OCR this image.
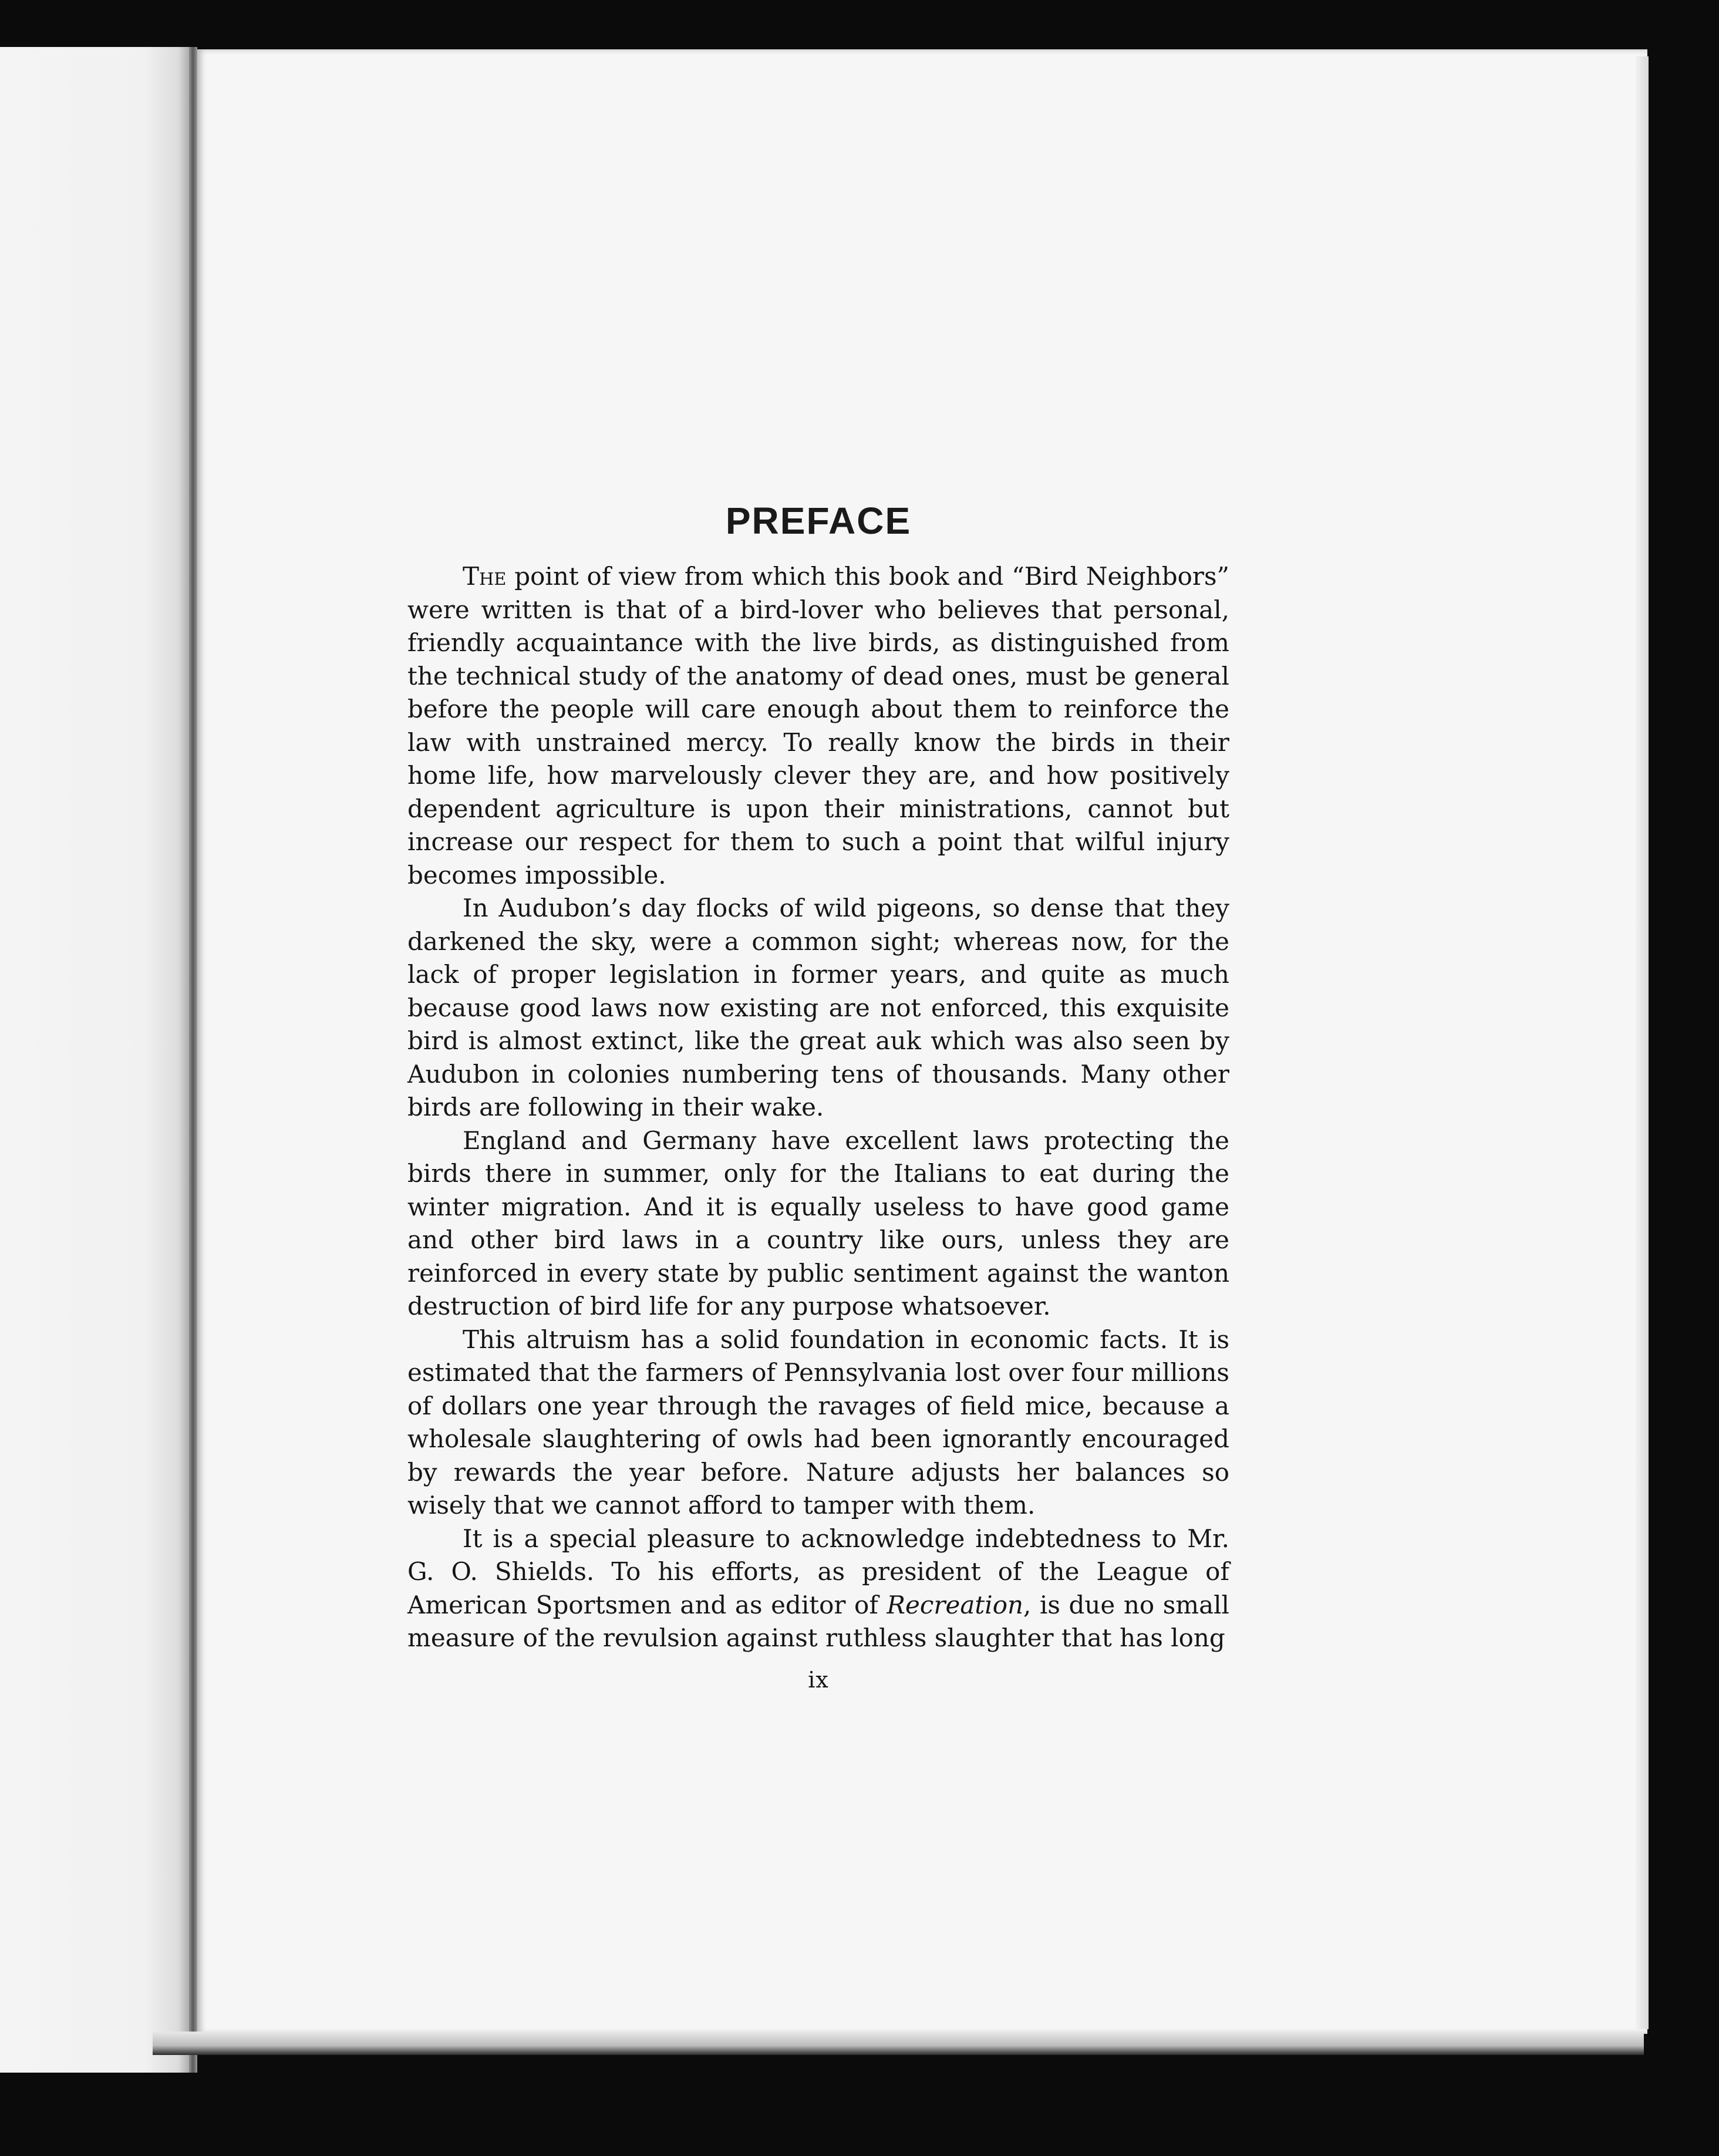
PREFACE

The point of view from which this book and “Bird Neighbors” were written is that of a bird-lover who believes that personal, friendly acquaintance with the live birds, as distinguished from the technical study of the anatomy of dead ones, must be general before the people will care enough about them to reinforce the law with unstrained mercy. To really know the birds in their home life, how marvelously clever they are, and how positively dependent agriculture is upon their ministrations, cannot but increase our respect for them to such a point that wilful injury becomes impossible.

In Audubon’s day flocks of wild pigeons, so dense that they darkened the sky, were a common sight; whereas now, for the lack of proper legislation in former years, and quite as much because good laws now existing are not enforced, this exquisite bird is almost extinct, like the great auk which was also seen by Audubon in colonies numbering tens of thousands. Many other birds are following in their wake.

England and Germany have excellent laws protecting the birds there in summer, only for the Italians to eat during the winter migration. And it is equally useless to have good game and other bird laws in a country like ours, unless they are reinforced in every state by public sentiment against the wanton destruction of bird life for any purpose whatsoever.

This altruism has a solid foundation in economic facts. It is estimated that the farmers of Pennsylvania lost over four millions of dollars one year through the ravages of field mice, because a wholesale slaughtering of owls had been ignorantly encouraged by rewards the year before. Nature adjusts her balances so wisely that we cannot afford to tamper with them.

It is a special pleasure to acknowledge indebtedness to Mr. G. O. Shields. To his efforts, as president of the League of American Sportsmen and as editor of Recreation, is due no small measure of the revulsion against ruthless slaughter that has long

ix
